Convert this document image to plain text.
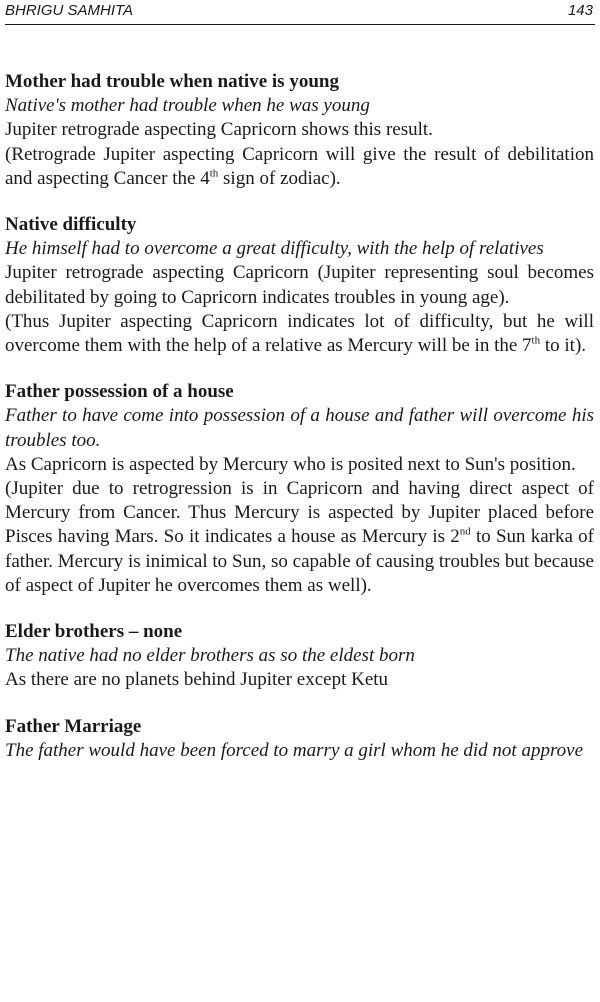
BHRIGU SAMHITA	143

Mother had trouble when native is young

Native's mother had trouble when he was young

Jupiter retrograde aspecting Capricorn shows this result.

(Retrograde Jupiter aspecting Capricorn will give the result of debilitation and aspecting Cancer the 4th sign of zodiac).

Native difficulty

He himself had to overcome a great difficulty, with the help of relatives

Jupiter retrograde aspecting Capricorn (Jupiter representing soul becomes debilitated by going to Capricorn indicates troubles in young age).

(Thus Jupiter aspecting Capricorn indicates lot of difficulty, but he will overcome them with the help of a relative as Mercury will be in the 7th to it).

Father possession of a house

Father to have come into possession of a house and father will overcome his troubles too.

As Capricorn is aspected by Mercury who is posited next to Sun's position.

(Jupiter due to retrogression is in Capricorn and having direct aspect of Mercury from Cancer. Thus Mercury is aspected by Jupiter placed before Pisces having Mars. So it indicates a house as Mercury is 2nd to Sun karka of father. Mercury is inimical to Sun, so capable of causing troubles but because of aspect of Jupiter he overcomes them as well).

Elder brothers – none

The native had no elder brothers as so the eldest born

As there are no planets behind Jupiter except Ketu

Father Marriage

The father would have been forced to marry a girl whom he did not approve
